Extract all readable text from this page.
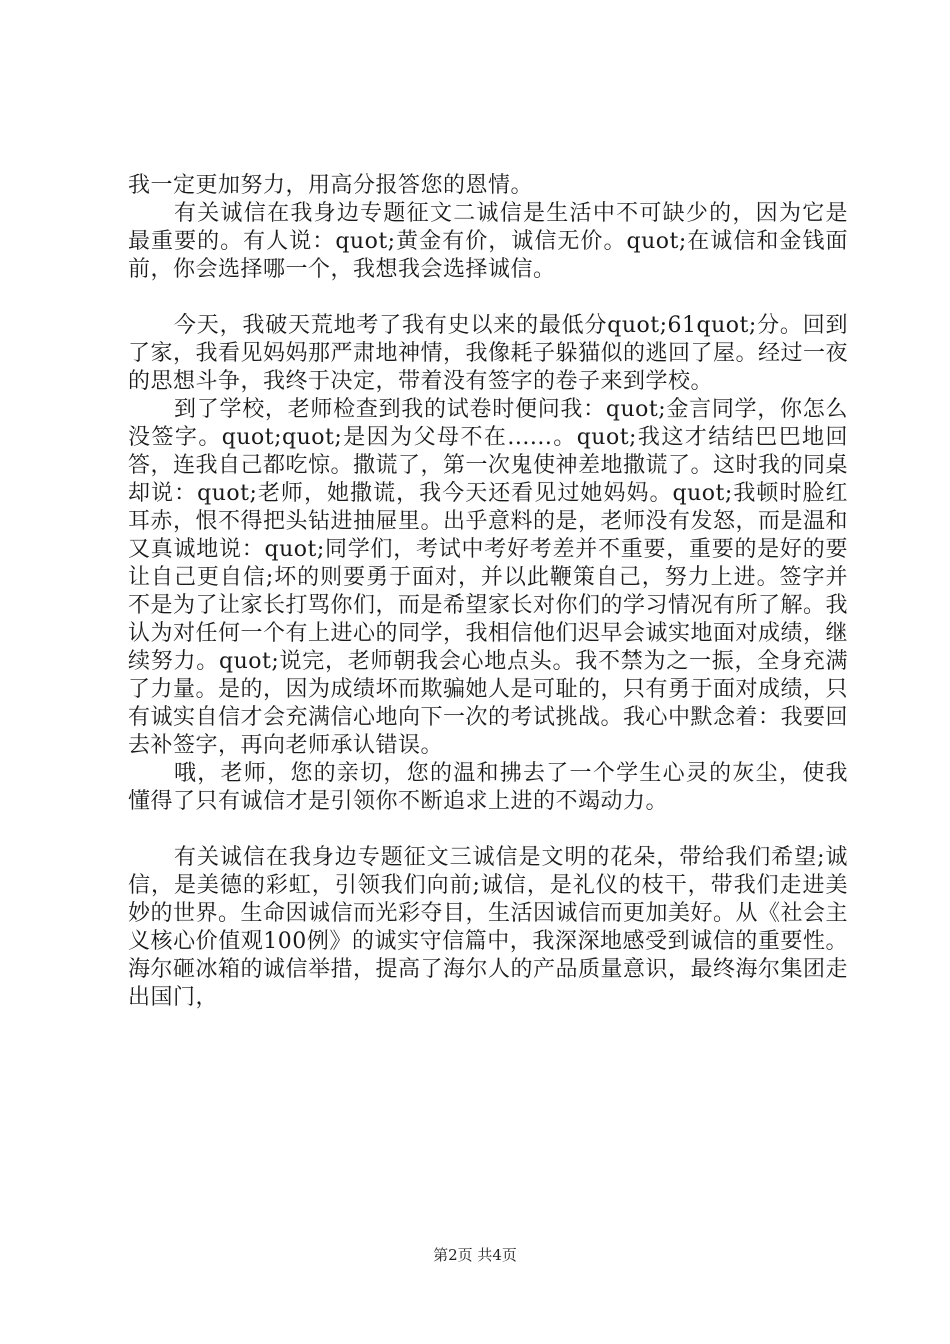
我一定更加努力，用高分报答您的恩情。

有关诚信在我身边专题征文二诚信是生活中不可缺少的，因为它是最重要的。有人说：quot;黄金有价，诚信无价。quot;在诚信和金钱面前，你会选择哪一个，我想我会选择诚信。

今天，我破天荒地考了我有史以来的最低分quot;61quot;分。回到了家，我看见妈妈那严肃地神情，我像耗子躲猫似的逃回了屋。经过一夜的思想斗争，我终于决定，带着没有签字的卷子来到学校。

到了学校，老师检查到我的试卷时便问我：quot;金言同学，你怎么没签字。quot;quot;是因为父母不在......。quot;我这才结结巴巴地回答，连我自己都吃惊。撒谎了，第一次鬼使神差地撒谎了。这时我的同桌却说：quot;老师，她撒谎，我今天还看见过她妈妈。quot;我顿时脸红耳赤，恨不得把头钻进抽屉里。出乎意料的是，老师没有发怒，而是温和又真诚地说：quot;同学们，考试中考好考差并不重要，重要的是好的要让自己更自信;坏的则要勇于面对，并以此鞭策自己，努力上进。签字并不是为了让家长打骂你们，而是希望家长对你们的学习情况有所了解。我认为对任何一个有上进心的同学，我相信他们迟早会诚实地面对成绩，继续努力。quot;说完，老师朝我会心地点头。我不禁为之一振，全身充满了力量。是的，因为成绩坏而欺骗她人是可耻的，只有勇于面对成绩，只有诚实自信才会充满信心地向下一次的考试挑战。我心中默念着：我要回去补签字，再向老师承认错误。

哦，老师，您的亲切，您的温和拂去了一个学生心灵的灰尘，使我懂得了只有诚信才是引领你不断追求上进的不竭动力。

有关诚信在我身边专题征文三诚信是文明的花朵，带给我们希望;诚信，是美德的彩虹，引领我们向前;诚信，是礼仪的枝干，带我们走进美妙的世界。生命因诚信而光彩夺目，生活因诚信而更加美好。从《社会主义核心价值观100例》的诚实守信篇中，我深深地感受到诚信的重要性。海尔砸冰箱的诚信举措，提高了海尔人的产品质量意识，最终海尔集团走出国门，

第2页 共4页
